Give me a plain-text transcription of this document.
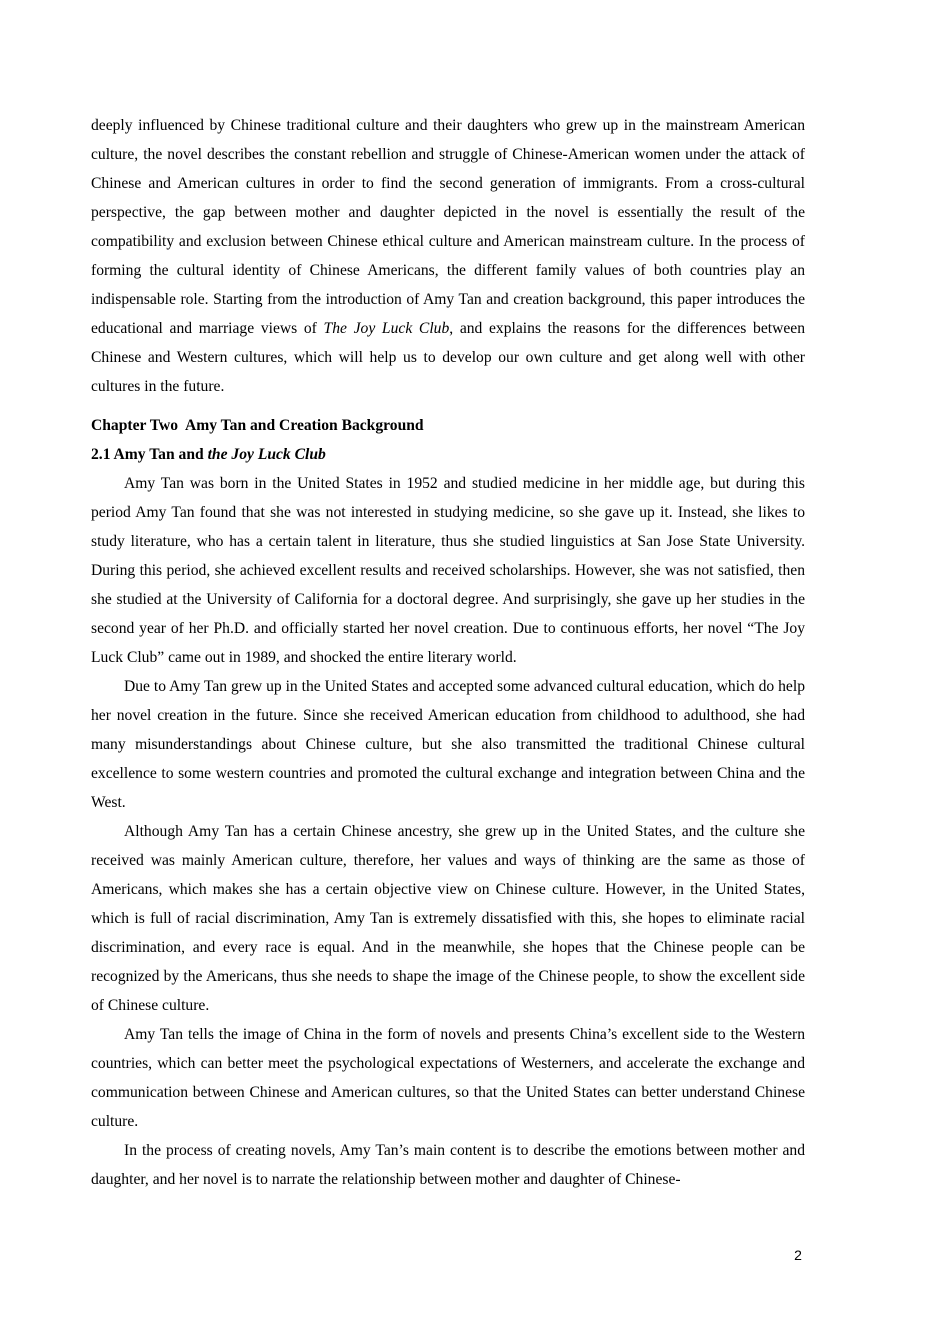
deeply influenced by Chinese traditional culture and their daughters who grew up in the mainstream American culture, the novel describes the constant rebellion and struggle of Chinese-American women under the attack of Chinese and American cultures in order to find the second generation of immigrants. From a cross-cultural perspective, the gap between mother and daughter depicted in the novel is essentially the result of the compatibility and exclusion between Chinese ethical culture and American mainstream culture. In the process of forming the cultural identity of Chinese Americans, the different family values of both countries play an indispensable role. Starting from the introduction of Amy Tan and creation background, this paper introduces the educational and marriage views of The Joy Luck Club, and explains the reasons for the differences between Chinese and Western cultures, which will help us to develop our own culture and get along well with other cultures in the future.

Chapter Two  Amy Tan and Creation Background

2.1 Amy Tan and the Joy Luck Club

Amy Tan was born in the United States in 1952 and studied medicine in her middle age, but during this period Amy Tan found that she was not interested in studying medicine, so she gave up it. Instead, she likes to study literature, who has a certain talent in literature, thus she studied linguistics at San Jose State University. During this period, she achieved excellent results and received scholarships. However, she was not satisfied, then she studied at the University of California for a doctoral degree. And surprisingly, she gave up her studies in the second year of her Ph.D. and officially started her novel creation. Due to continuous efforts, her novel “The Joy Luck Club” came out in 1989, and shocked the entire literary world.

Due to Amy Tan grew up in the United States and accepted some advanced cultural education, which do help her novel creation in the future. Since she received American education from childhood to adulthood, she had many misunderstandings about Chinese culture, but she also transmitted the traditional Chinese cultural excellence to some western countries and promoted the cultural exchange and integration between China and the West.

Although Amy Tan has a certain Chinese ancestry, she grew up in the United States, and the culture she received was mainly American culture, therefore, her values and ways of thinking are the same as those of Americans, which makes she has a certain objective view on Chinese culture. However, in the United States, which is full of racial discrimination, Amy Tan is extremely dissatisfied with this, she hopes to eliminate racial discrimination, and every race is equal. And in the meanwhile, she hopes that the Chinese people can be recognized by the Americans, thus she needs to shape the image of the Chinese people, to show the excellent side of Chinese culture.

Amy Tan tells the image of China in the form of novels and presents China’s excellent side to the Western countries, which can better meet the psychological expectations of Westerners, and accelerate the exchange and communication between Chinese and American cultures, so that the United States can better understand Chinese culture.

In the process of creating novels, Amy Tan’s main content is to describe the emotions between mother and daughter, and her novel is to narrate the relationship between mother and daughter of Chinese-

2
